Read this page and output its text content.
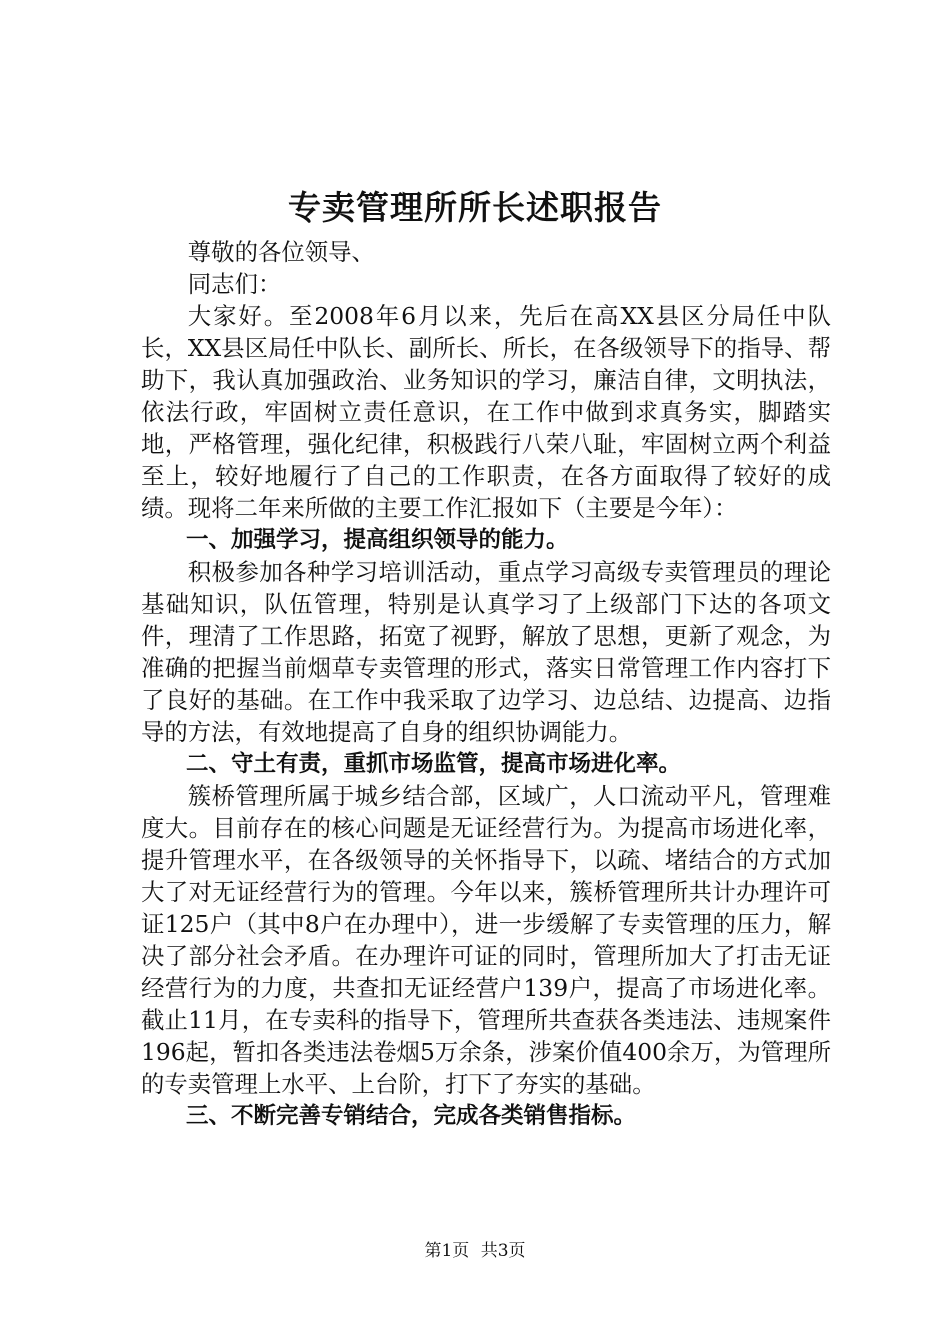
专卖管理所所长述职报告

尊敬的各位领导、

同志们：

大家好。至2008年6月以来，先后在高XX县区分局任中队长，XX县区局任中队长、副所长、所长，在各级领导下的指导、帮助下，我认真加强政治、业务知识的学习，廉洁自律，文明执法，依法行政，牢固树立责任意识，在工作中做到求真务实，脚踏实地，严格管理，强化纪律，积极践行八荣八耻，牢固树立两个利益至上，较好地履行了自己的工作职责，在各方面取得了较好的成绩。现将二年来所做的主要工作汇报如下（主要是今年）：

一、加强学习，提高组织领导的能力。

积极参加各种学习培训活动，重点学习高级专卖管理员的理论基础知识，队伍管理，特别是认真学习了上级部门下达的各项文件，理清了工作思路，拓宽了视野，解放了思想，更新了观念，为准确的把握当前烟草专卖管理的形式，落实日常管理工作内容打下了良好的基础。在工作中我采取了边学习、边总结、边提高、边指导的方法，有效地提高了自身的组织协调能力。

二、守土有责，重抓市场监管，提高市场进化率。

簇桥管理所属于城乡结合部，区域广，人口流动平凡，管理难度大。目前存在的核心问题是无证经营行为。为提高市场进化率，提升管理水平，在各级领导的关怀指导下，以疏、堵结合的方式加大了对无证经营行为的管理。今年以来，簇桥管理所共计办理许可证125户（其中8户在办理中），进一步缓解了专卖管理的压力，解决了部分社会矛盾。在办理许可证的同时，管理所加大了打击无证经营行为的力度，共查扣无证经营户139户，提高了市场进化率。截止11月，在专卖科的指导下，管理所共查获各类违法、违规案件196起，暂扣各类违法卷烟5万余条，涉案价值400余万，为管理所的专卖管理上水平、上台阶，打下了夯实的基础。

三、不断完善专销结合，完成各类销售指标。

第1页 共3页
